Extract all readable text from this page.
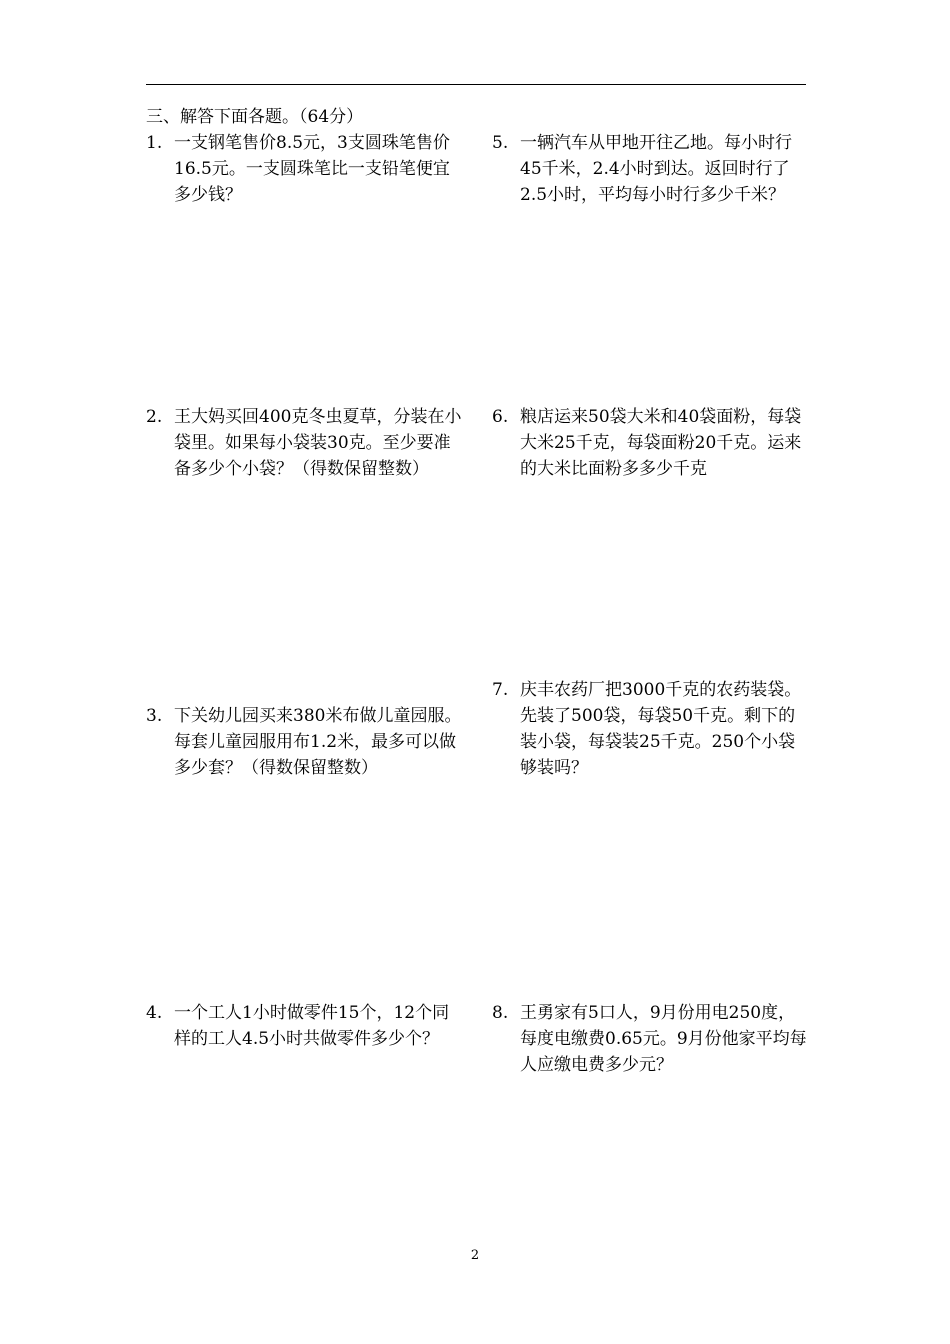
三、解答下面各题。（64分）
1. 一支钢笔售价8.5元，3支圆珠笔售价16.5元。一支圆珠笔比一支铅笔便宜多少钱？
2. 王大妈买回400克冬虫夏草，分装在小袋里。如果每小袋装30克。至少要准备多少个小袋？（得数保留整数）
3. 下关幼儿园买来380米布做儿童园服。每套儿童园服用布1.2米，最多可以做多少套？（得数保留整数）
4. 一个工人1小时做零件15个，12个同样的工人4.5小时共做零件多少个？
5. 一辆汽车从甲地开往乙地。每小时行45千米，2.4小时到达。返回时行了2.5小时，平均每小时行多少千米？
6. 粮店运来50袋大米和40袋面粉，每袋大米25千克，每袋面粉20千克。运来的大米比面粉多多少千克
7. 庆丰农药厂把3000千克的农药装袋。先装了500袋，每袋50千克。剩下的装小袋，每袋装25千克。250个小袋够装吗？
8. 王勇家有5口人，9月份用电250度，每度电缴费0.65元。9月份他家平均每人应缴电费多少元？
2
